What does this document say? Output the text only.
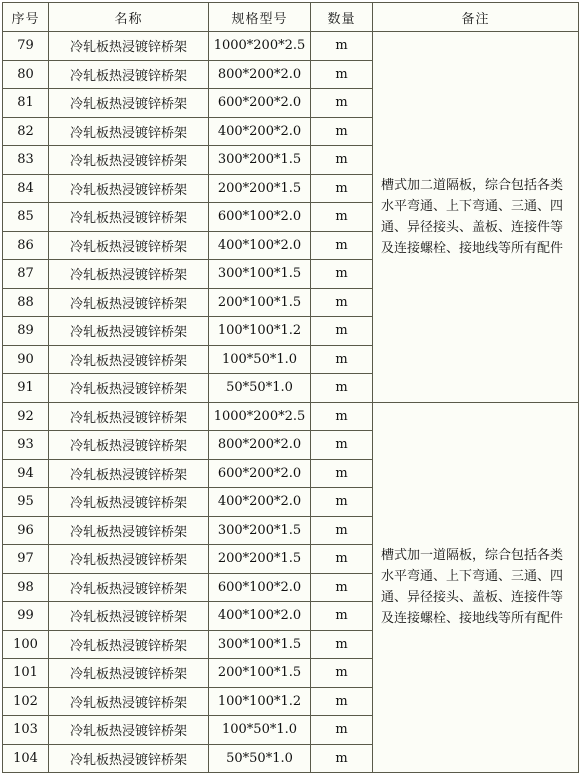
序号	名称	规格型号	数量	备注
79	冷轧板热浸镀锌桥架	1000*200*2.5	m	槽式加二道隔板，综合包括各类水平弯通、上下弯通、三通、四通、异径接头、盖板、连接件等及连接螺栓、接地线等所有配件
80	冷轧板热浸镀锌桥架	800*200*2.0	m	
81	冷轧板热浸镀锌桥架	600*200*2.0	m	
82	冷轧板热浸镀锌桥架	400*200*2.0	m	
83	冷轧板热浸镀锌桥架	300*200*1.5	m	
84	冷轧板热浸镀锌桥架	200*200*1.5	m	
85	冷轧板热浸镀锌桥架	600*100*2.0	m	
86	冷轧板热浸镀锌桥架	400*100*2.0	m	
87	冷轧板热浸镀锌桥架	300*100*1.5	m	
88	冷轧板热浸镀锌桥架	200*100*1.5	m	
89	冷轧板热浸镀锌桥架	100*100*1.2	m	
90	冷轧板热浸镀锌桥架	100*50*1.0	m	
91	冷轧板热浸镀锌桥架	50*50*1.0	m	
92	冷轧板热浸镀锌桥架	1000*200*2.5	m	槽式加一道隔板，综合包括各类水平弯通、上下弯通、三通、四通、异径接头、盖板、连接件等及连接螺栓、接地线等所有配件
93	冷轧板热浸镀锌桥架	800*200*2.0	m	
94	冷轧板热浸镀锌桥架	600*200*2.0	m	
95	冷轧板热浸镀锌桥架	400*200*2.0	m	
96	冷轧板热浸镀锌桥架	300*200*1.5	m	
97	冷轧板热浸镀锌桥架	200*200*1.5	m	
98	冷轧板热浸镀锌桥架	600*100*2.0	m	
99	冷轧板热浸镀锌桥架	400*100*2.0	m	
100	冷轧板热浸镀锌桥架	300*100*1.5	m	
101	冷轧板热浸镀锌桥架	200*100*1.5	m	
102	冷轧板热浸镀锌桥架	100*100*1.2	m	
103	冷轧板热浸镀锌桥架	100*50*1.0	m	
104	冷轧板热浸镀锌桥架	50*50*1.0	m	
